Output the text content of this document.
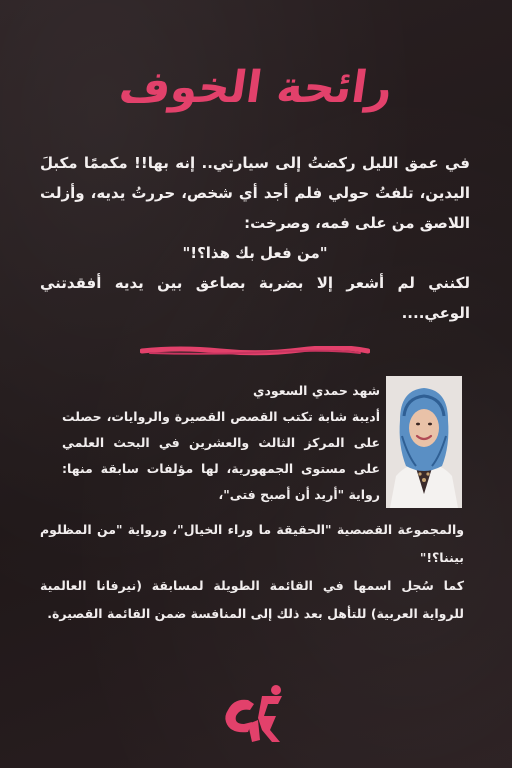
رائحة الخوف

في عمق الليل ركضتُ إلى سيارتي.. إنه بها!! مكممًا مكبلَ اليدين، تلفتُ حولي فلم أجد أي شخص، حررتُ يديه، وأزلت اللاصق من على فمه، وصرخت:

"من فعل بك هذا؟!"

لكنني لم أشعر إلا بضربة بصاعق بين يديه أفقدتني الوعي....

شهد حمدي السعودي
أديبة شابة تكتب القصص القصيرة والروايات، حصلت على المركز الثالث والعشرين في البحث العلمي على مستوى الجمهورية، لها مؤلفات سابقة منها: رواية "أريد أن أصبح فتى"،

والمجموعة القصصية "الحقيقة ما وراء الخيال"، ورواية "من المظلوم بيننا؟!"

كما سُجل اسمها في القائمة الطويلة لمسابقة (نيرفانا العالمية للرواية العربية) للتأهل بعد ذلك إلى المنافسة ضمن القائمة القصيرة.
